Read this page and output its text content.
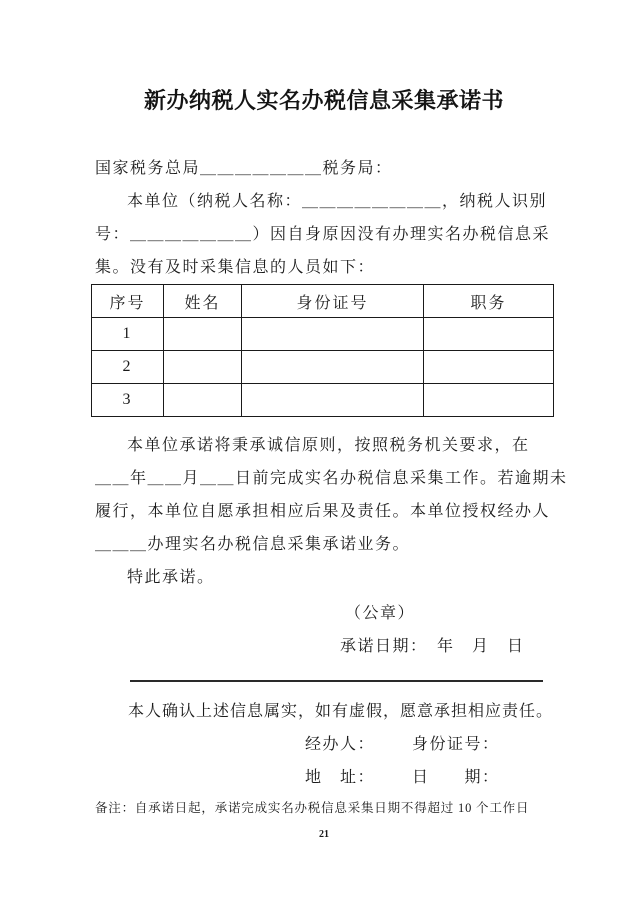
新办纳税人实名办税信息采集承诺书
国家税务总局＿＿＿＿＿＿＿税务局：
本单位（纳税人名称：＿＿＿＿＿＿＿＿，纳税人识别
号：＿＿＿＿＿＿＿）因自身原因没有办理实名办税信息采
集。没有及时采集信息的人员如下：
序号	姓名	身份证号	职务
1			
2			
3			
本单位承诺将秉承诚信原则，按照税务机关要求，在
＿＿年＿＿月＿＿日前完成实名办税信息采集工作。若逾期未
履行，本单位自愿承担相应后果及责任。本单位授权经办人
＿＿＿办理实名办税信息采集承诺业务。
特此承诺。
（公章）
承诺日期：　年　月　日
本人确认上述信息属实，如有虚假，愿意承担相应责任。
经办人： 身份证号：
地　址： 日　　期：
备注：自承诺日起，承诺完成实名办税信息采集日期不得超过 10 个工作日
21
